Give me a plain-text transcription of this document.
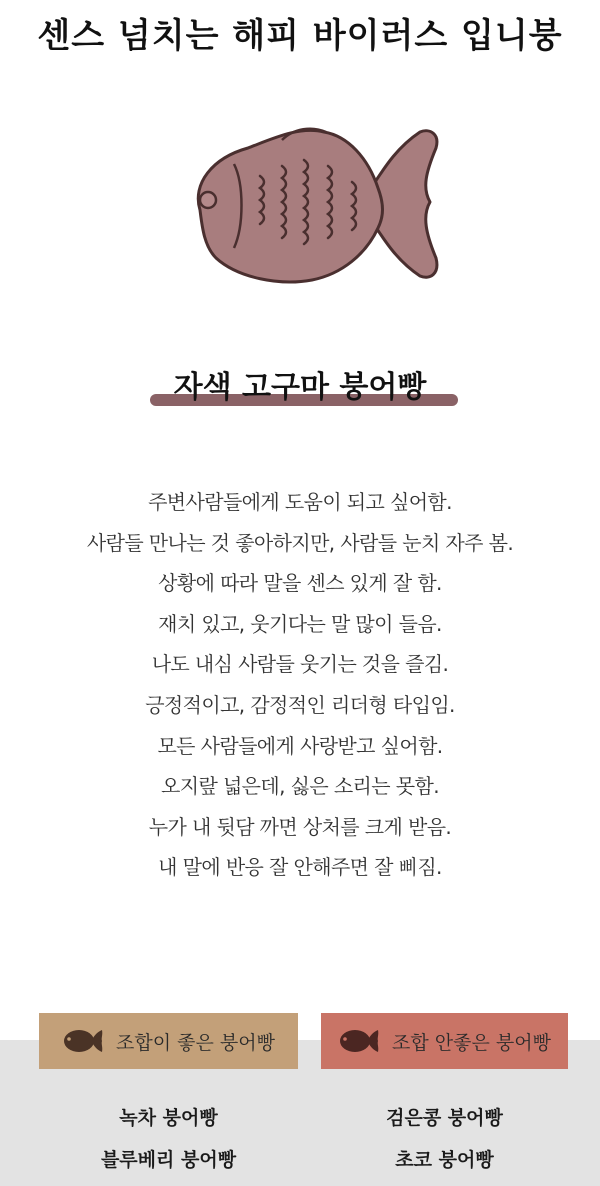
센스 넘치는 해피 바이러스 입니붕
자색 고구마 붕어빵
주변사람들에게 도움이 되고 싶어함.
사람들 만나는 것 좋아하지만, 사람들 눈치 자주 봄.
상황에 따라 말을 센스 있게 잘 함.
재치 있고, 웃기다는 말 많이 들음.
나도 내심 사람들 웃기는 것을 즐김.
긍정적이고, 감정적인 리더형 타입임.
모든 사람들에게 사랑받고 싶어함.
오지랖 넓은데, 싫은 소리는 못함.
누가 내 뒷담 까면 상처를 크게 받음.
내 말에 반응 잘 안해주면 잘 삐짐.
조합이 좋은 붕어빵	조합 안좋은 붕어빵
녹차 붕어빵
블루베리 붕어빵
검은콩 붕어빵
초코 붕어빵
